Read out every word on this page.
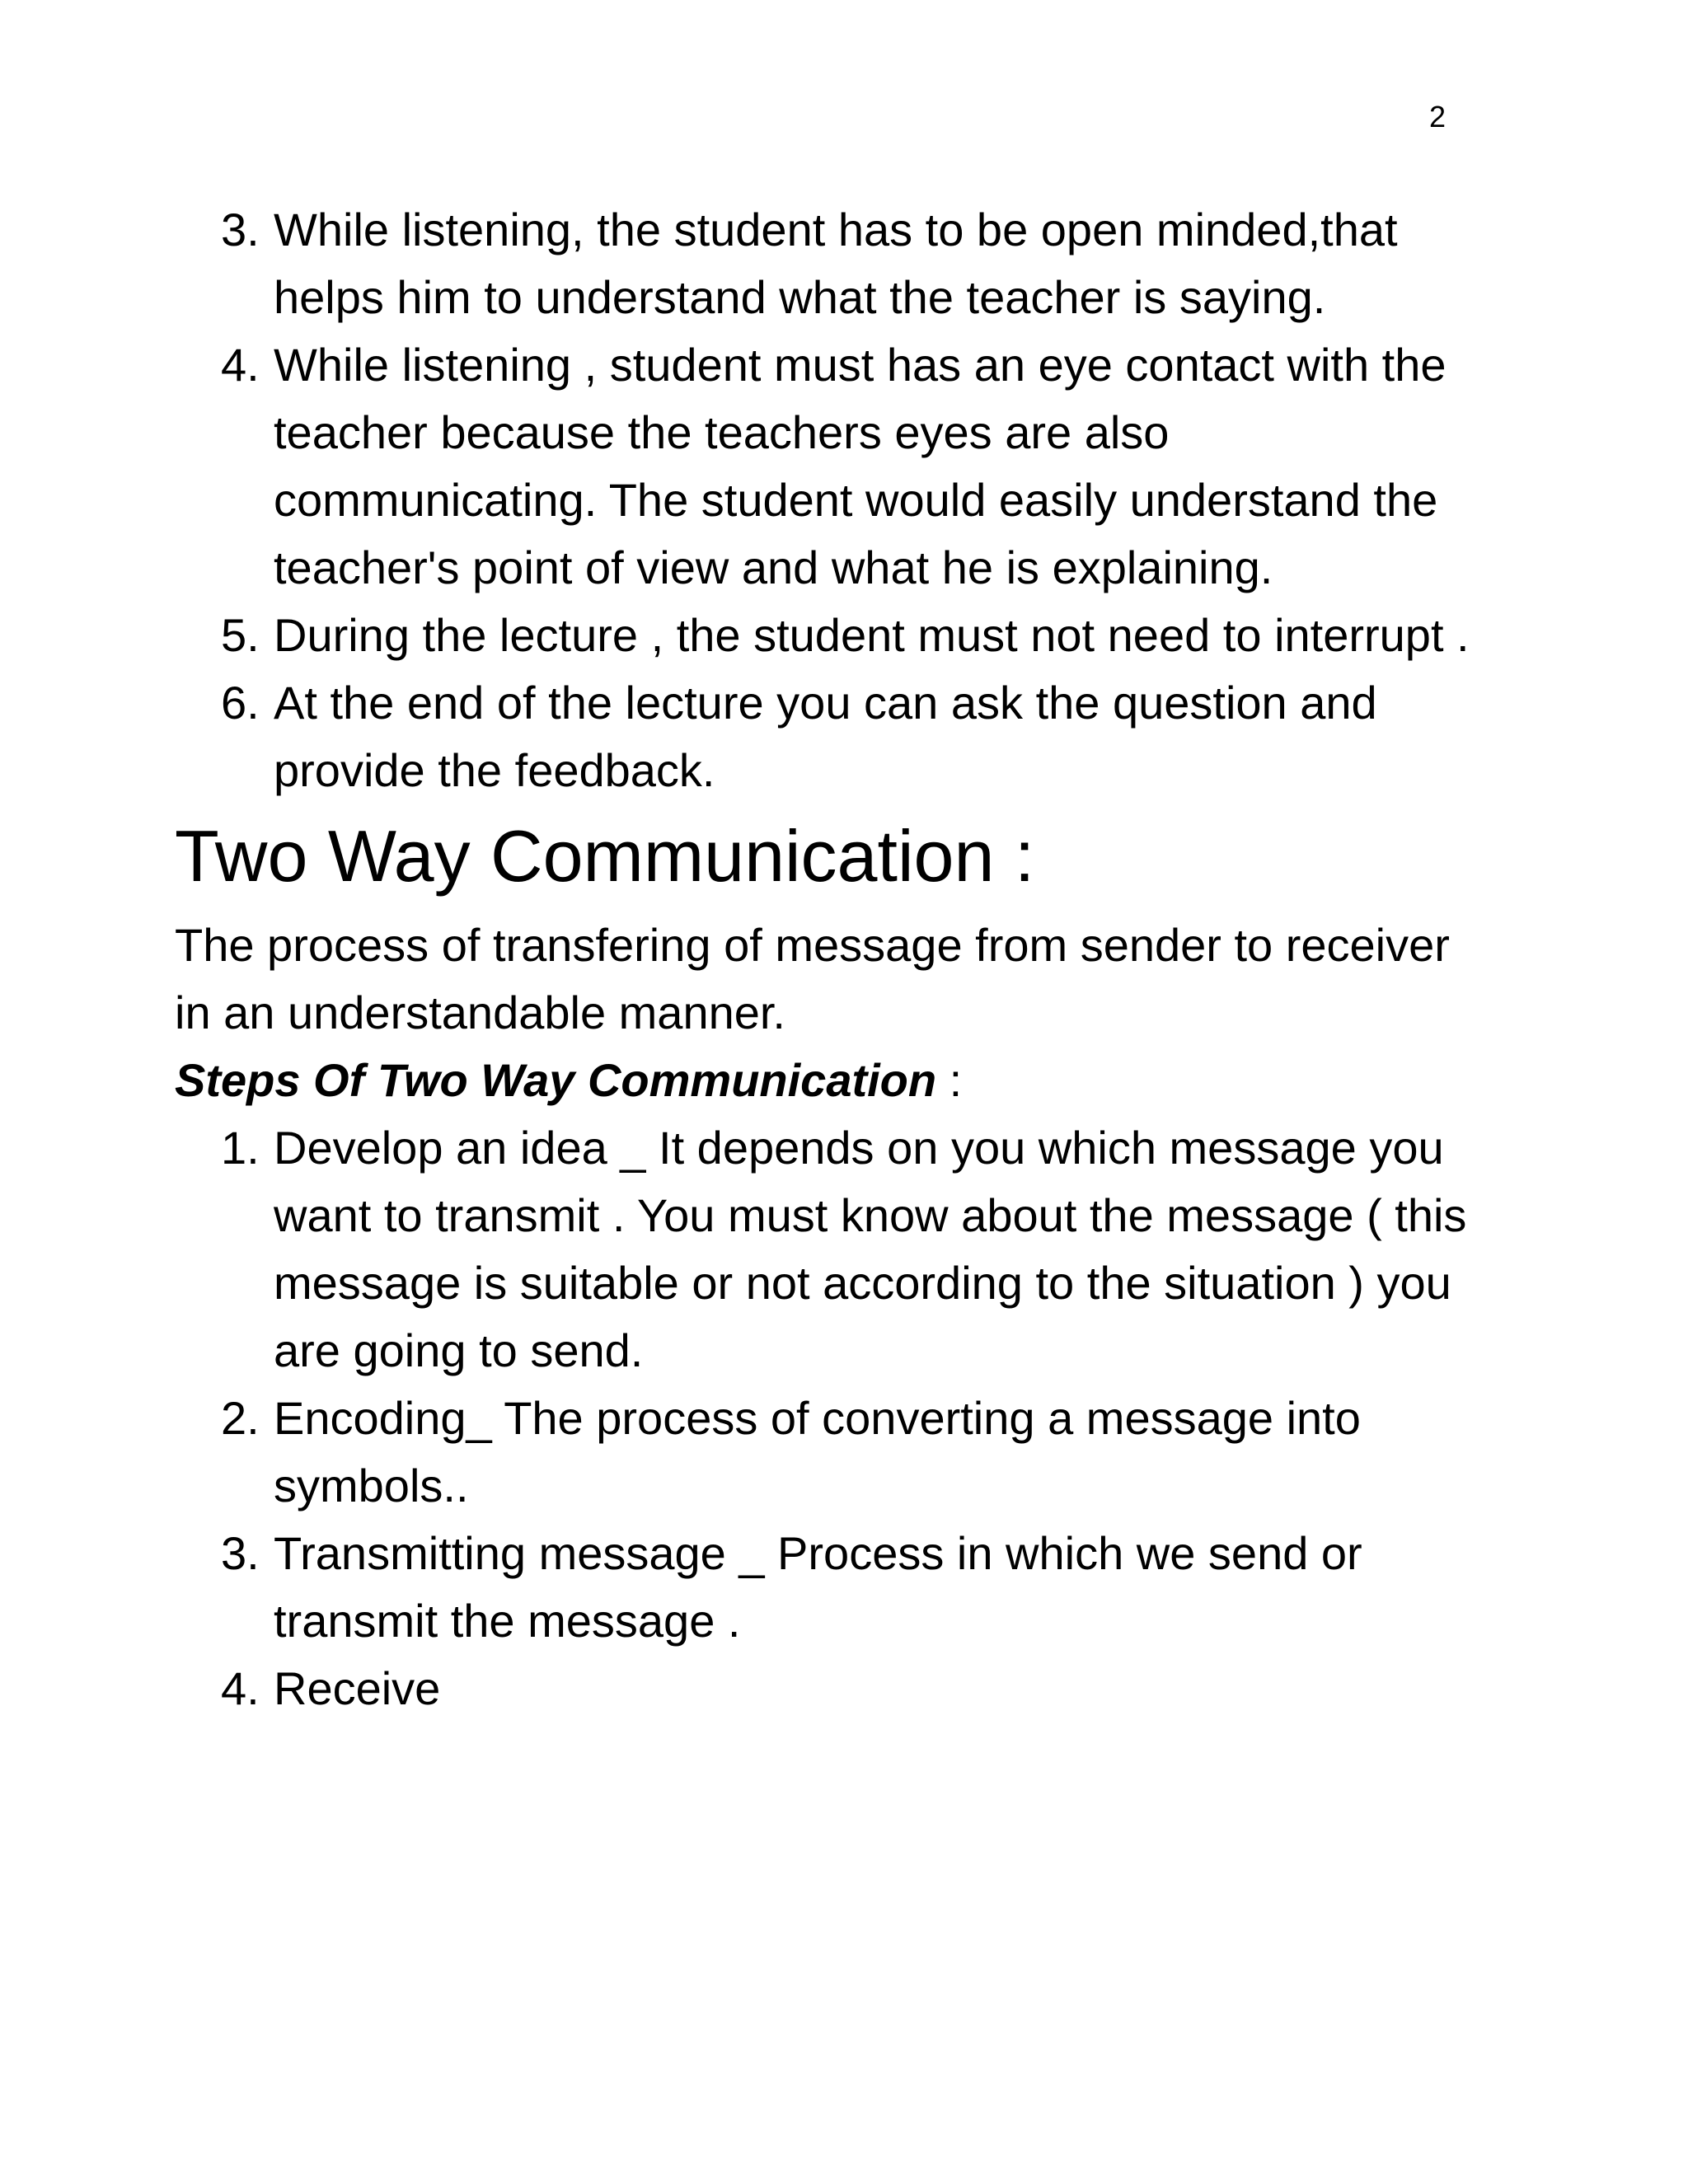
2
3. While listening, the student has to be open minded,that helps him to understand what the teacher is saying.
4. While listening , student must has an eye contact with the teacher because the teachers eyes are also communicating. The student would easily understand the teacher's point of view and what he is explaining.
5. During the lecture , the student must not need to interrupt .
6. At the end of the lecture you can ask the question and provide the feedback.
Two Way Communication :
The process of transfering of message from sender to receiver in an understandable manner.
Steps Of Two Way Communication :
1. Develop an idea _ It depends on you which message you want to transmit . You must know about the message ( this message is suitable or not according to the situation ) you are going to send.
2. Encoding_ The process of converting a message into symbols..
3. Transmitting message _ Process in which we send or transmit the message .
4. Receive
